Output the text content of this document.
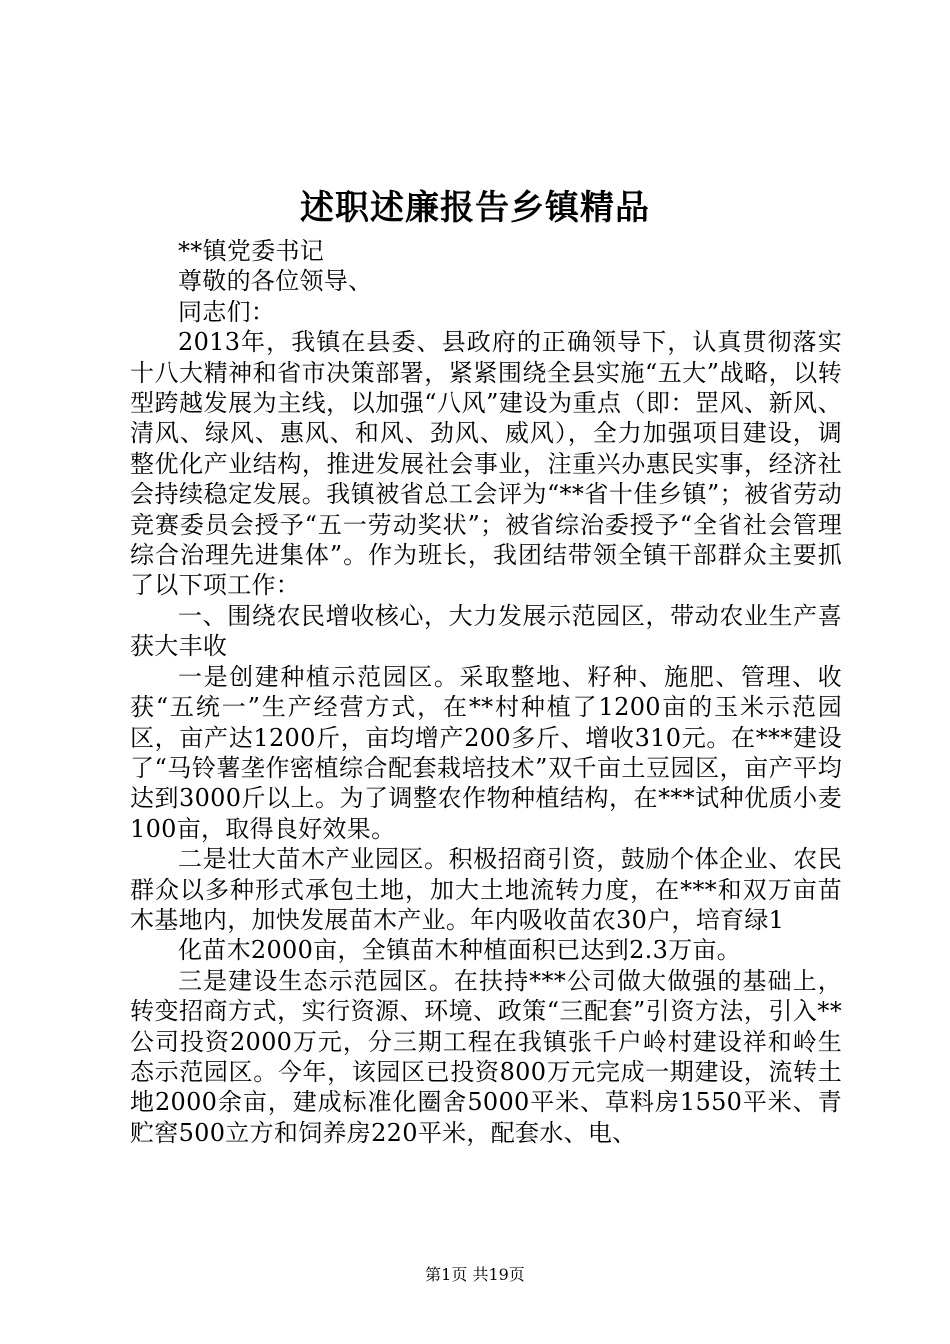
述职述廉报告乡镇精品

**镇党委书记

尊敬的各位领导、

同志们：

2013年，我镇在县委、县政府的正确领导下，认真贯彻落实十八大精神和省市决策部署，紧紧围绕全县实施“五大”战略，以转型跨越发展为主线，以加强“八风”建设为重点（即：罡风、新风、清风、绿风、惠风、和风、劲风、威风），全力加强项目建设，调整优化产业结构，推进发展社会事业，注重兴办惠民实事，经济社会持续稳定发展。我镇被省总工会评为“**省十佳乡镇”；被省劳动竞赛委员会授予“五一劳动奖状”；被省综治委授予“全省社会管理综合治理先进集体”。作为班长，我团结带领全镇干部群众主要抓了以下项工作：

一、围绕农民增收核心，大力发展示范园区，带动农业生产喜获大丰收

一是创建种植示范园区。采取整地、籽种、施肥、管理、收获“五统一”生产经营方式，在**村种植了1200亩的玉米示范园区，亩产达1200斤，亩均增产200多斤、增收310元。在***建设了“马铃薯垄作密植综合配套栽培技术”双千亩土豆园区，亩产平均达到3000斤以上。为了调整农作物种植结构，在***试种优质小麦100亩，取得良好效果。

二是壮大苗木产业园区。积极招商引资，鼓励个体企业、农民群众以多种形式承包土地，加大土地流转力度，在***和双万亩苗木基地内，加快发展苗木产业。年内吸收苗农30户，培育绿1

化苗木2000亩，全镇苗木种植面积已达到2.3万亩。

三是建设生态示范园区。在扶持***公司做大做强的基础上，转变招商方式，实行资源、环境、政策“三配套”引资方法，引入**公司投资2000万元，分三期工程在我镇张千户岭村建设祥和岭生态示范园区。今年，该园区已投资800万元完成一期建设，流转土地2000余亩，建成标准化圈舍5000平米、草料房1550平米、青贮窖500立方和饲养房220平米，配套水、电、

第1页 共19页
